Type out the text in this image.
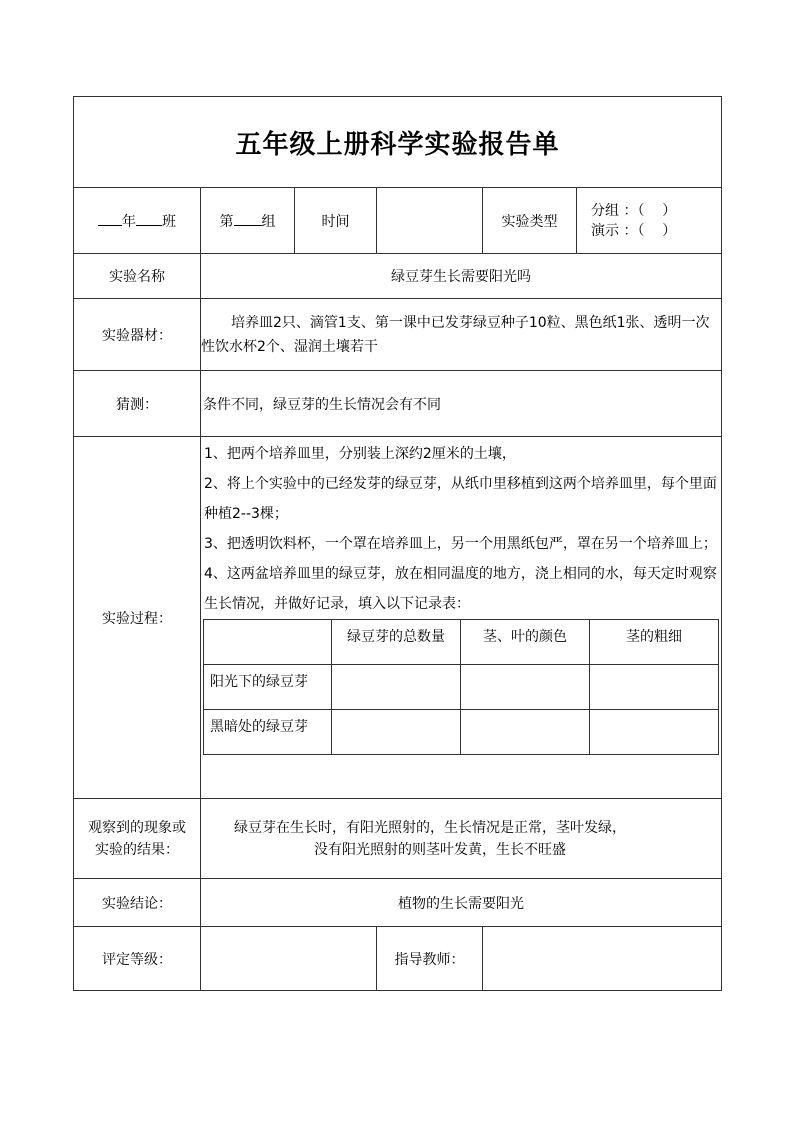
五年级上册科学实验报告单
年 班	第 组	时间		实验类型	
分组 ：（    ）
演示 ：（    ）

实验名称	绿豆芽生长需要阳光吗
实验器材：	培养皿2只、滴管1支、第一课中已发芽绿豆种子10粒、黑色纸1张、透明一次性饮水杯2个、湿润土壤若干
猜测：	条件不同，绿豆芽的生长情况会有不同
实验过程：	

1、把两个培养皿里，分别装上深约2厘米的土壤，

2、将上个实验中的已经发芽的绿豆芽，从纸巾里移植到这两个培养皿里，每个里面种植2--3棵；

3、把透明饮料杯，一个罩在培养皿上，另一个用黑纸包严，罩在另一个培养皿上；

4、这两盆培养皿里的绿豆芽，放在相同温度的地方，浇上相同的水，每天定时观察生长情况，并做好记录，填入以下记录表：

	绿豆芽的总数量	茎、叶的颜色	茎的粗细
阳光下的绿豆芽			
黑暗处的绿豆芽			

观察到的现象或
实验的结果：

绿豆芽在生长时，有阳光照射的，生长情况是正常，茎叶发绿，
没有阳光照射的则茎叶发黄，生长不旺盛

实验结论：	植物的生长需要阳光
评定等级：		指导教师：	
